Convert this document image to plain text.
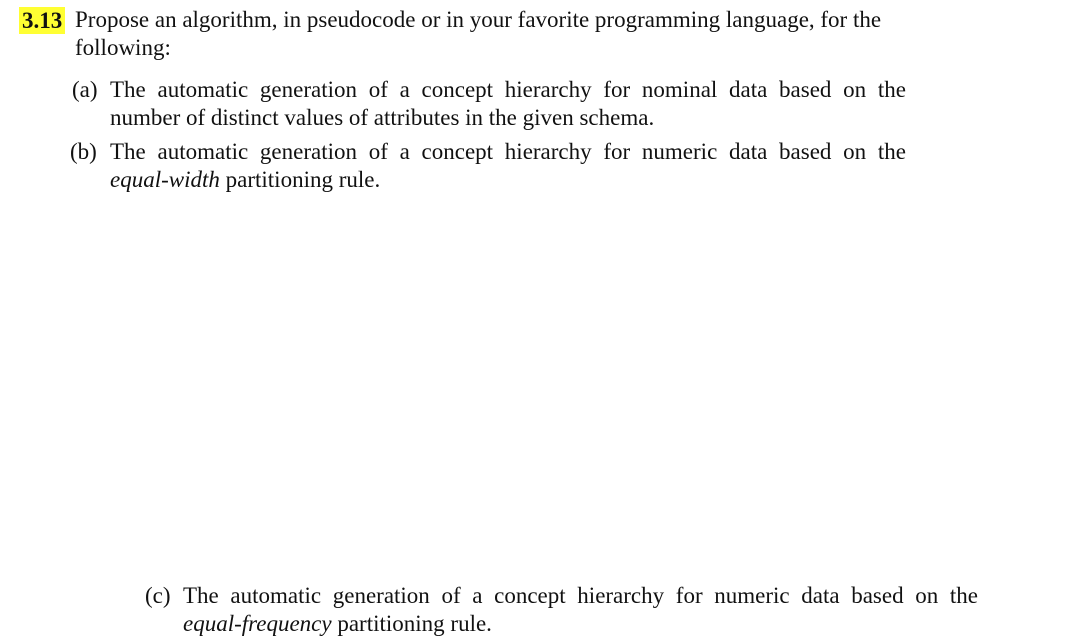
3.13 Propose an algorithm, in pseudocode or in your favorite programming language, for the

following:

(a) The automatic generation of a concept hierarchy for nominal data based on the

number of distinct values of attributes in the given schema.

(b) The automatic generation of a concept hierarchy for numeric data based on the

equal-width partitioning rule.

(c) The automatic generation of a concept hierarchy for numeric data based on the

equal-frequency partitioning rule.
